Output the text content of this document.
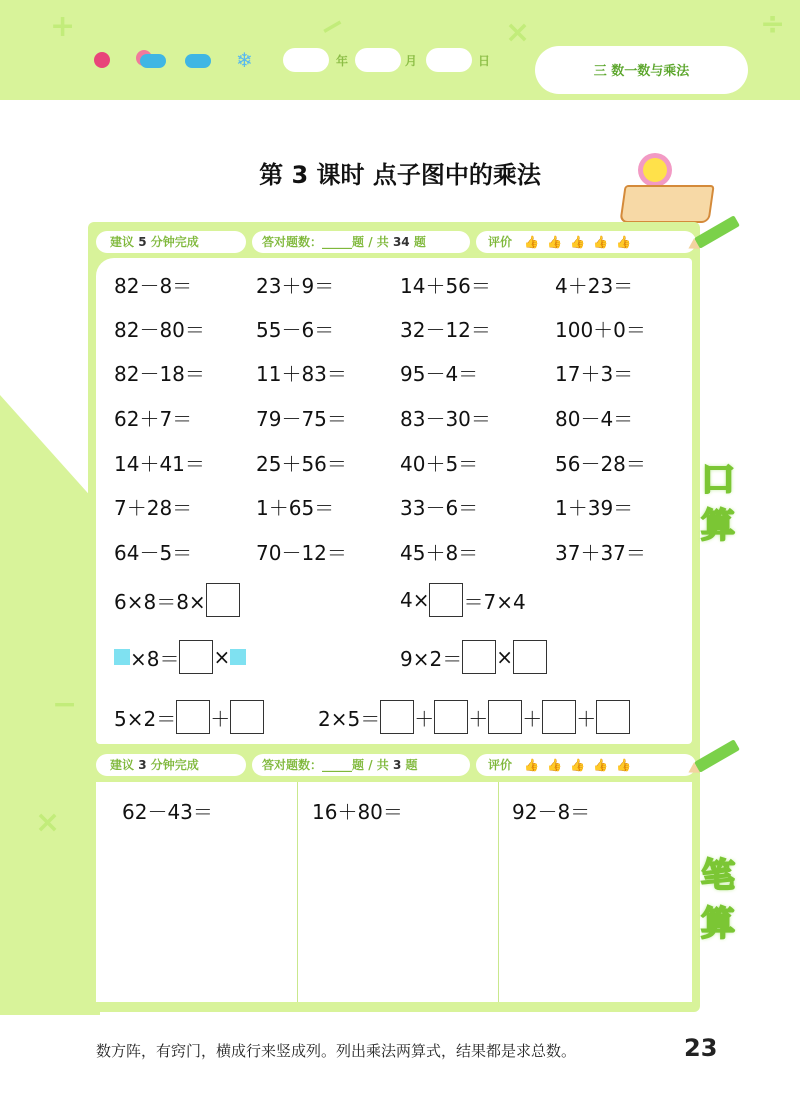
+	−	×	÷
−
×
❄	年	月	日
三 数一数与乘法
第 3 课时 点子图中的乘法
建议 5 分钟完成	答对题数：_____题 / 共 34 题	评价 👍 👍 👍 👍 👍
82－8＝	23＋9＝	14＋56＝	4＋23＝
82－80＝	55－6＝	32－12＝	100＋0＝
82－18＝	11＋83＝	95－4＝	17＋3＝
62＋7＝	79－75＝	83－30＝	80－4＝
14＋41＝	25＋56＝	40＋5＝	56－28＝
7＋28＝	1＋65＝	33－6＝	1＋39＝
64－5＝	70－12＝	45＋8＝	37＋37＝
6×8＝8×	4× ＝7×4
×8＝ ×	9×2＝ ×
5×2＝ ＋	2×5＝ ＋ ＋ ＋ ＋
建议 3 分钟完成	答对题数：_____题 / 共 3 题	评价 👍 👍 👍 👍 👍
62－43＝	16＋80＝	92－8＝
口
算
笔
算
数方阵，有窍门，横成行来竖成列。列出乘法两算式，结果都是求总数。	23
